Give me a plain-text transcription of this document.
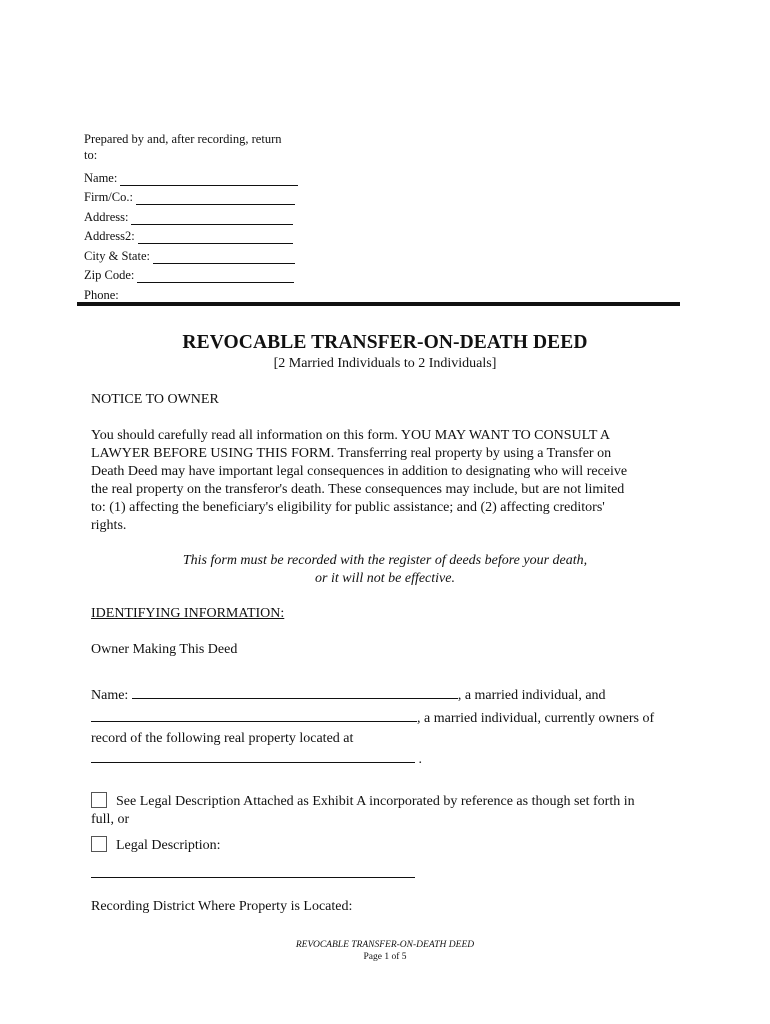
Prepared by and, after recording, return
to:
Name:
Firm/Co.:
Address:
Address2:
City & State:
Zip Code:
Phone:
REVOCABLE TRANSFER-ON-DEATH DEED
[2 Married Individuals to 2 Individuals]
NOTICE TO OWNER
You should carefully read all information on this form. YOU MAY WANT TO CONSULT A
LAWYER BEFORE USING THIS FORM. Transferring real property by using a Transfer on
Death Deed may have important legal consequences in addition to designating who will receive
the real property on the transferor's death. These consequences may include, but are not limited
to: (1) affecting the beneficiary's eligibility for public assistance; and (2) affecting creditors'
rights.
This form must be recorded with the register of deeds before your death,
or it will not be effective.
IDENTIFYING INFORMATION:
Owner Making This Deed
Name:	, a married individual, and
, a married individual, currently owners of
record of the following real property located at
.
See Legal Description Attached as Exhibit A incorporated by reference as though set forth in
full, or
Legal Description:
Recording District Where Property is Located:
REVOCABLE TRANSFER-ON-DEATH DEED
Page 1 of 5
